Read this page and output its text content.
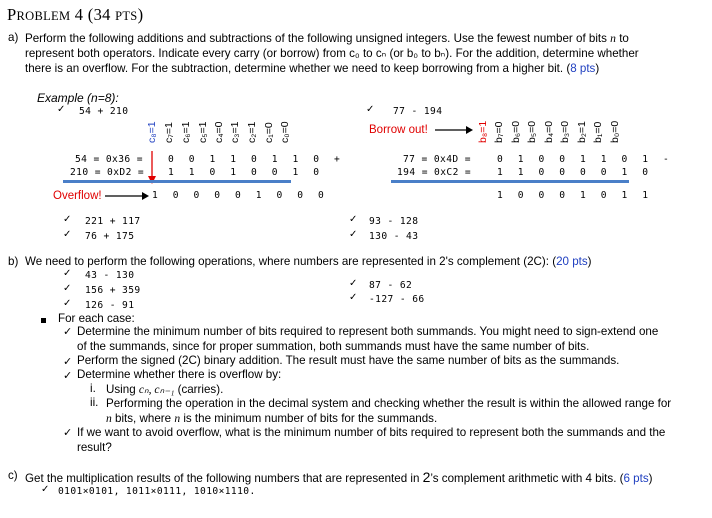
PROBLEM 4 (34 PTS)
a) Perform the following additions and subtractions of the following unsigned integers. Use the fewest number of bits n to
represent both operators. Indicate every carry (or borrow) from c₀ to cₙ (or b₀ to bₙ). For the addition, determine whether
there is an overflow. For the subtraction, determine whether we need to keep borrowing from a higher bit. (8 pts)
Example (n=8):
✓ 54 + 210	✓ 77 - 194
c₈=1 c₇=1 c₆=1 c₅=1 c₄=0 c₃=1 c₂=1 c₁=0 c₀=0	b₈=1 b₇=0 b₆=0 b₅=0 b₄=0 b₃=0 b₂=1 b₁=0 b₀=0
Borrow out!
54 = 0x36 =	0 0 1 1 0 1 1 0 +
210 = 0xD2 = 1 1 0 1 0 0 1 0
1 0 0 0 0 1 0 0 0
Overflow!
77 = 0x4D =	0 1 0 0 1 1 0 1 -
194 = 0xC2 =	1 1 0 0 0 0 1 0
1 0 0 0 1 0 1 1
✓ 221 + 117
✓ 76 + 175
✓ 93 - 128
✓ 130 - 43
b) We need to perform the following operations, where numbers are represented in 2's complement (2C): (20 pts)
✓ 43 - 130
✓ 156 + 359
✓ 126 - 91
✓ 87 - 62
✓ -127 - 66
For each case:
✓ Determine the minimum number of bits required to represent both summands. You might need to sign-extend one
of the summands, since for proper summation, both summands must have the same number of bits.
✓ Perform the signed (2C) binary addition. The result must have the same number of bits as the summands.
✓ Determine whether there is overflow by:
i. Using cₙ, cₙ₋₁ (carries).
ii. Performing the operation in the decimal system and checking whether the result is within the allowed range for
n bits, where n is the minimum number of bits for the summands.
✓ If we want to avoid overflow, what is the minimum number of bits required to represent both the summands and the
result?
c) Get the multiplication results of the following numbers that are represented in 2’s complement arithmetic with 4 bits. (6 pts)
✓ 0101×0101, 1011×0111, 1010×1110.
